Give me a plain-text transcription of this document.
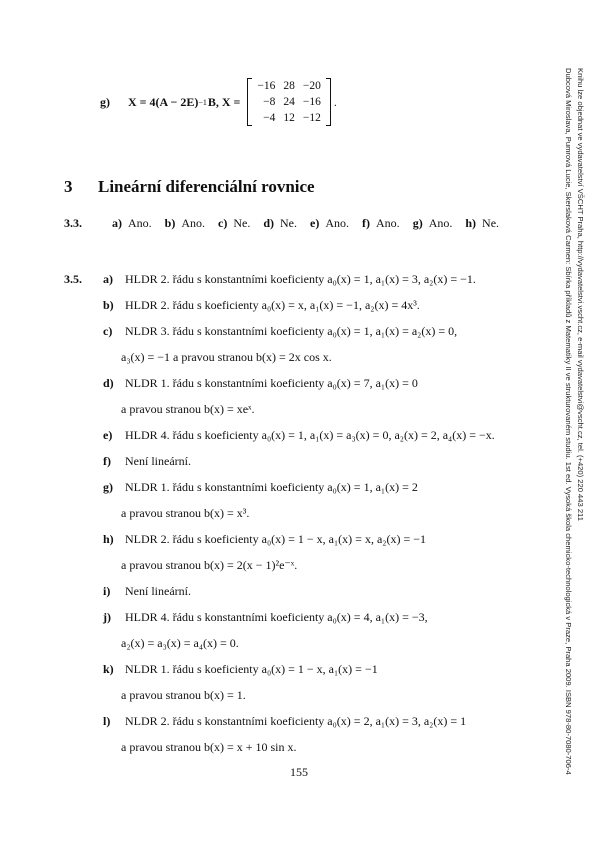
g) X = 4(A − 2E) −1 B, X =
−16	28	−20
−8	24	−16
−4	12	−12
.
3 Lineární diferenciální rovnice
3.3.	a) Ano. b) Ano. c) Ne. d) Ne. e) Ano. f) Ano. g) Ano. h) Ne.
3.5. a) HLDR 2. řádu s konstantními koeficienty a₀(x) = 1, a₁(x) = 3, a₂(x) = −1.
b) HLDR 2. řádu s koeficienty a₀(x) = x, a₁(x) = −1, a₂(x) = 4x³.
c) NLDR 3. řádu s konstantními koeficienty a₀(x) = 1, a₁(x) = a₂(x) = 0,
a₃(x) = −1 a pravou stranou b(x) = 2x cos x.
d) NLDR 1. řádu s konstantními koeficienty a₀(x) = 7, a₁(x) = 0
a pravou stranou b(x) = xeˣ.
e) HLDR 4. řádu s koeficienty a₀(x) = 1, a₁(x) = a₃(x) = 0, a₂(x) = 2, a₄(x) = −x.
f) Není lineární.
g) NLDR 1. řádu s konstantními koeficienty a₀(x) = 1, a₁(x) = 2
a pravou stranou b(x) = x³.
h) NLDR 2. řádu s koeficienty a₀(x) = 1 − x, a₁(x) = x, a₂(x) = −1
a pravou stranou b(x) = 2(x − 1)²e⁻ˣ.
i) Není lineární.
j) HLDR 4. řádu s konstantními koeficienty a₀(x) = 4, a₁(x) = −3,
a₂(x) = a₃(x) = a₄(x) = 0.
k) NLDR 1. řádu s koeficienty a₀(x) = 1 − x, a₁(x) = −1
a pravou stranou b(x) = 1.
l) NLDR 2. řádu s konstantními koeficienty a₀(x) = 2, a₁(x) = 3, a₂(x) = 1
a pravou stranou b(x) = x + 10 sin x.
155	Dubcová Miroslava, Pumrová Lucie, Skerslaková Carmen: Sbírka příkladů z Matematiky II ve strukturovaném studiu. 1st ed. Vysoká škola chemicko-technologická v Praze, Praha 2009. ISBN 978-80-7080-706-4 Knihu lze objednat ve vydavatelství VŠCHT Praha, http://vydavatelstvi.vscht.cz, e-mail vydavatelstvi@vscht.cz, tel. (+420) 220 443 211
